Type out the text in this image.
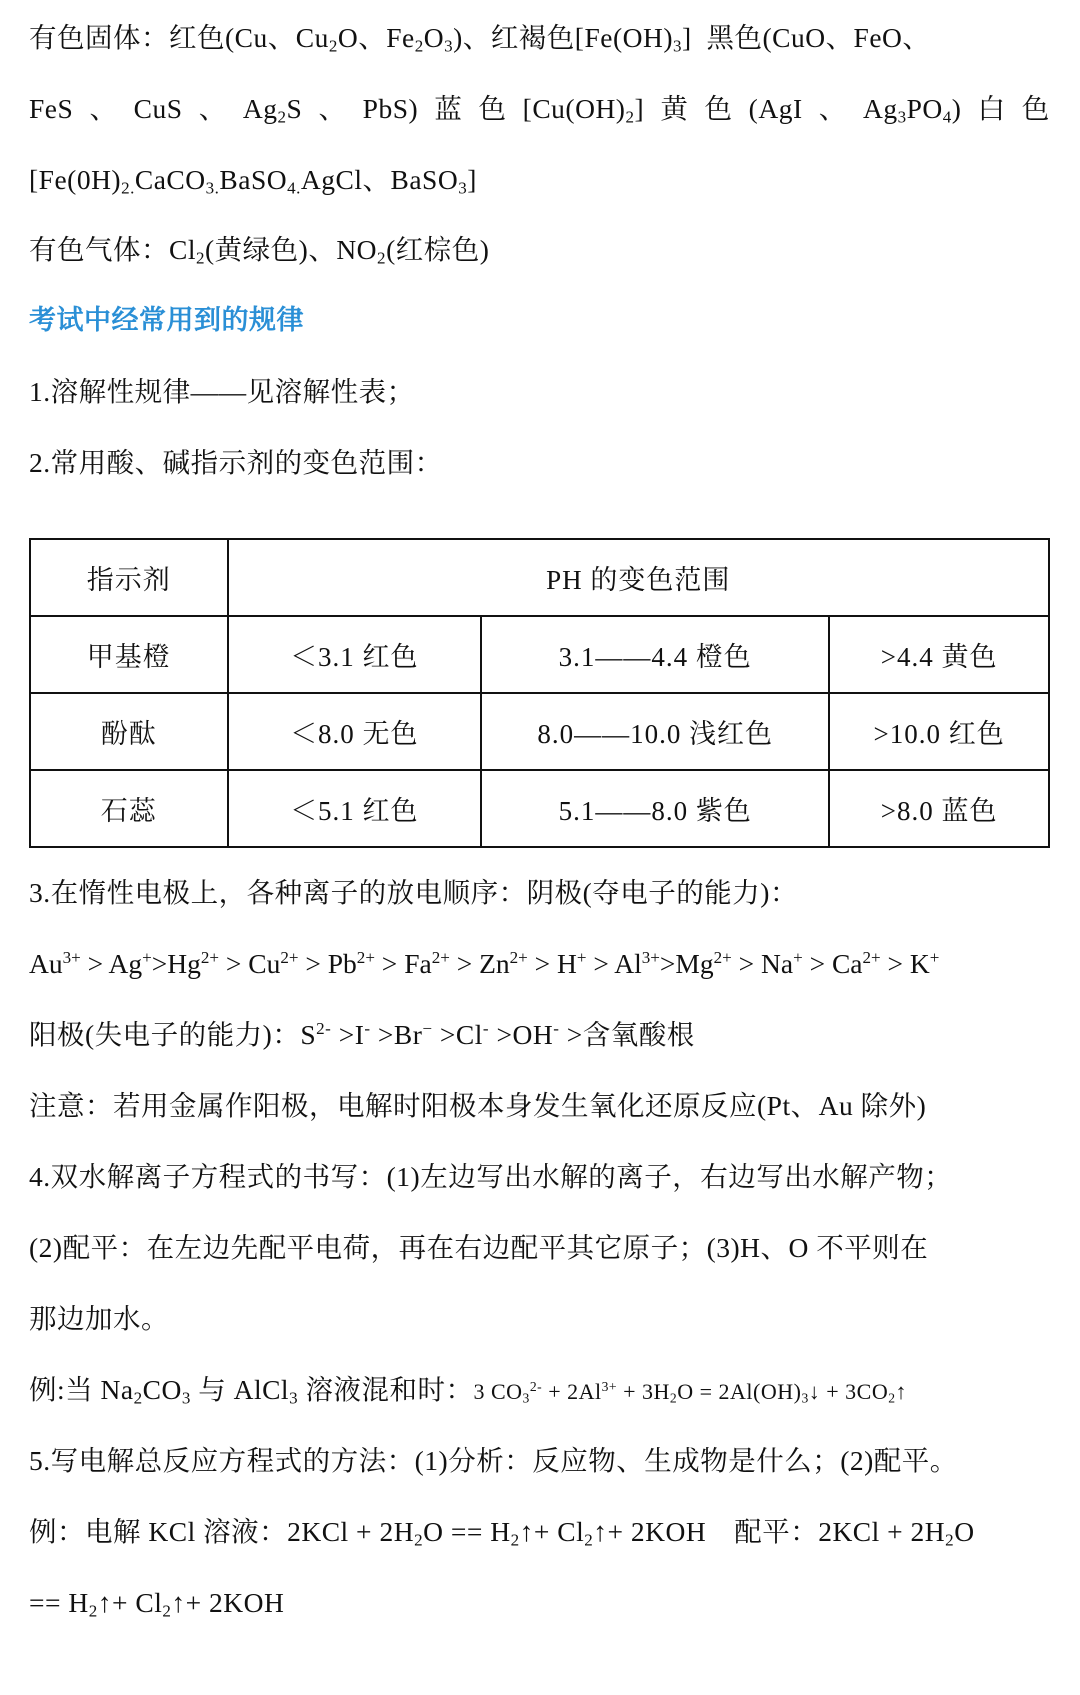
有色固体：红色(Cu、$Cu_2O$、$Fe_2O_3$)、红褐色$[Fe(OH)_3]$ 黑色(CuO、FeO、
FeS 、 CuS 、 $Ag_2S$ 、 PbS) 蓝 色 $[Cu(OH)_2]$ 黄 色 (AgI 、 $Ag_3PO_4$) 白 色
[$Fe(0H)_{2.}CaCO_{3.}BaSO_{4.}AgCl$、BaSO$_3$]
有色气体：$Cl_2$(黄绿色)、$NO_2$(红棕色)
考试中经常用到的规律
1.溶解性规律——见溶解性表；
2.常用酸、碱指示剂的变色范围：
指示剂	PH 的变色范围		
甲基橙	＜3.1 红色	3.1——4.4 橙色	>4.4 黄色
酚酞	＜8.0 无色	8.0——10.0 浅红色	>10.0 红色
石蕊	＜5.1 红色	5.1——8.0 紫色	>8.0 蓝色
3.在惰性电极上，各种离子的放电顺序：阴极(夺电子的能力)：
$Au^{3+} > Ag^+>Hg^{2+} > Cu^{2+} > Pb^{2+} > Fa^{2+} > Zn^{2+} > H^+ > Al^{3+}>Mg^{2+} > Na^+ > Ca^{2+} > K^+$
阳极(失电子的能力)：$S^{2-} >I^- >Br^- >Cl^- >OH^-$ >含氧酸根
注意：若用金属作阳极，电解时阳极本身发生氧化还原反应(Pt、Au 除外)
4.双水解离子方程式的书写：(1)左边写出水解的离子，右边写出水解产物；
(2)配平：在左边先配平电荷，再在右边配平其它原子；(3)H、O 不平则在
那边加水。
例:当 $Na_2CO_3$ 与 AlCl$_3$ 溶液混和时：3 $CO_3^{2-} + 2Al^{3+} + 3H_2O$ = $2Al(OH)_3↓$ + $3CO_2↑$
5.写电解总反应方程式的方法：(1)分析：反应物、生成物是什么；(2)配平。
例：电解 KCl 溶液：$2KCl + 2H_2O$ == $H_2↑+$ $Cl_2↑+ 2KOH$　配平：$2KCl + 2H_2O$
== $H_2↑+$ $Cl_2↑+ 2KOH$
